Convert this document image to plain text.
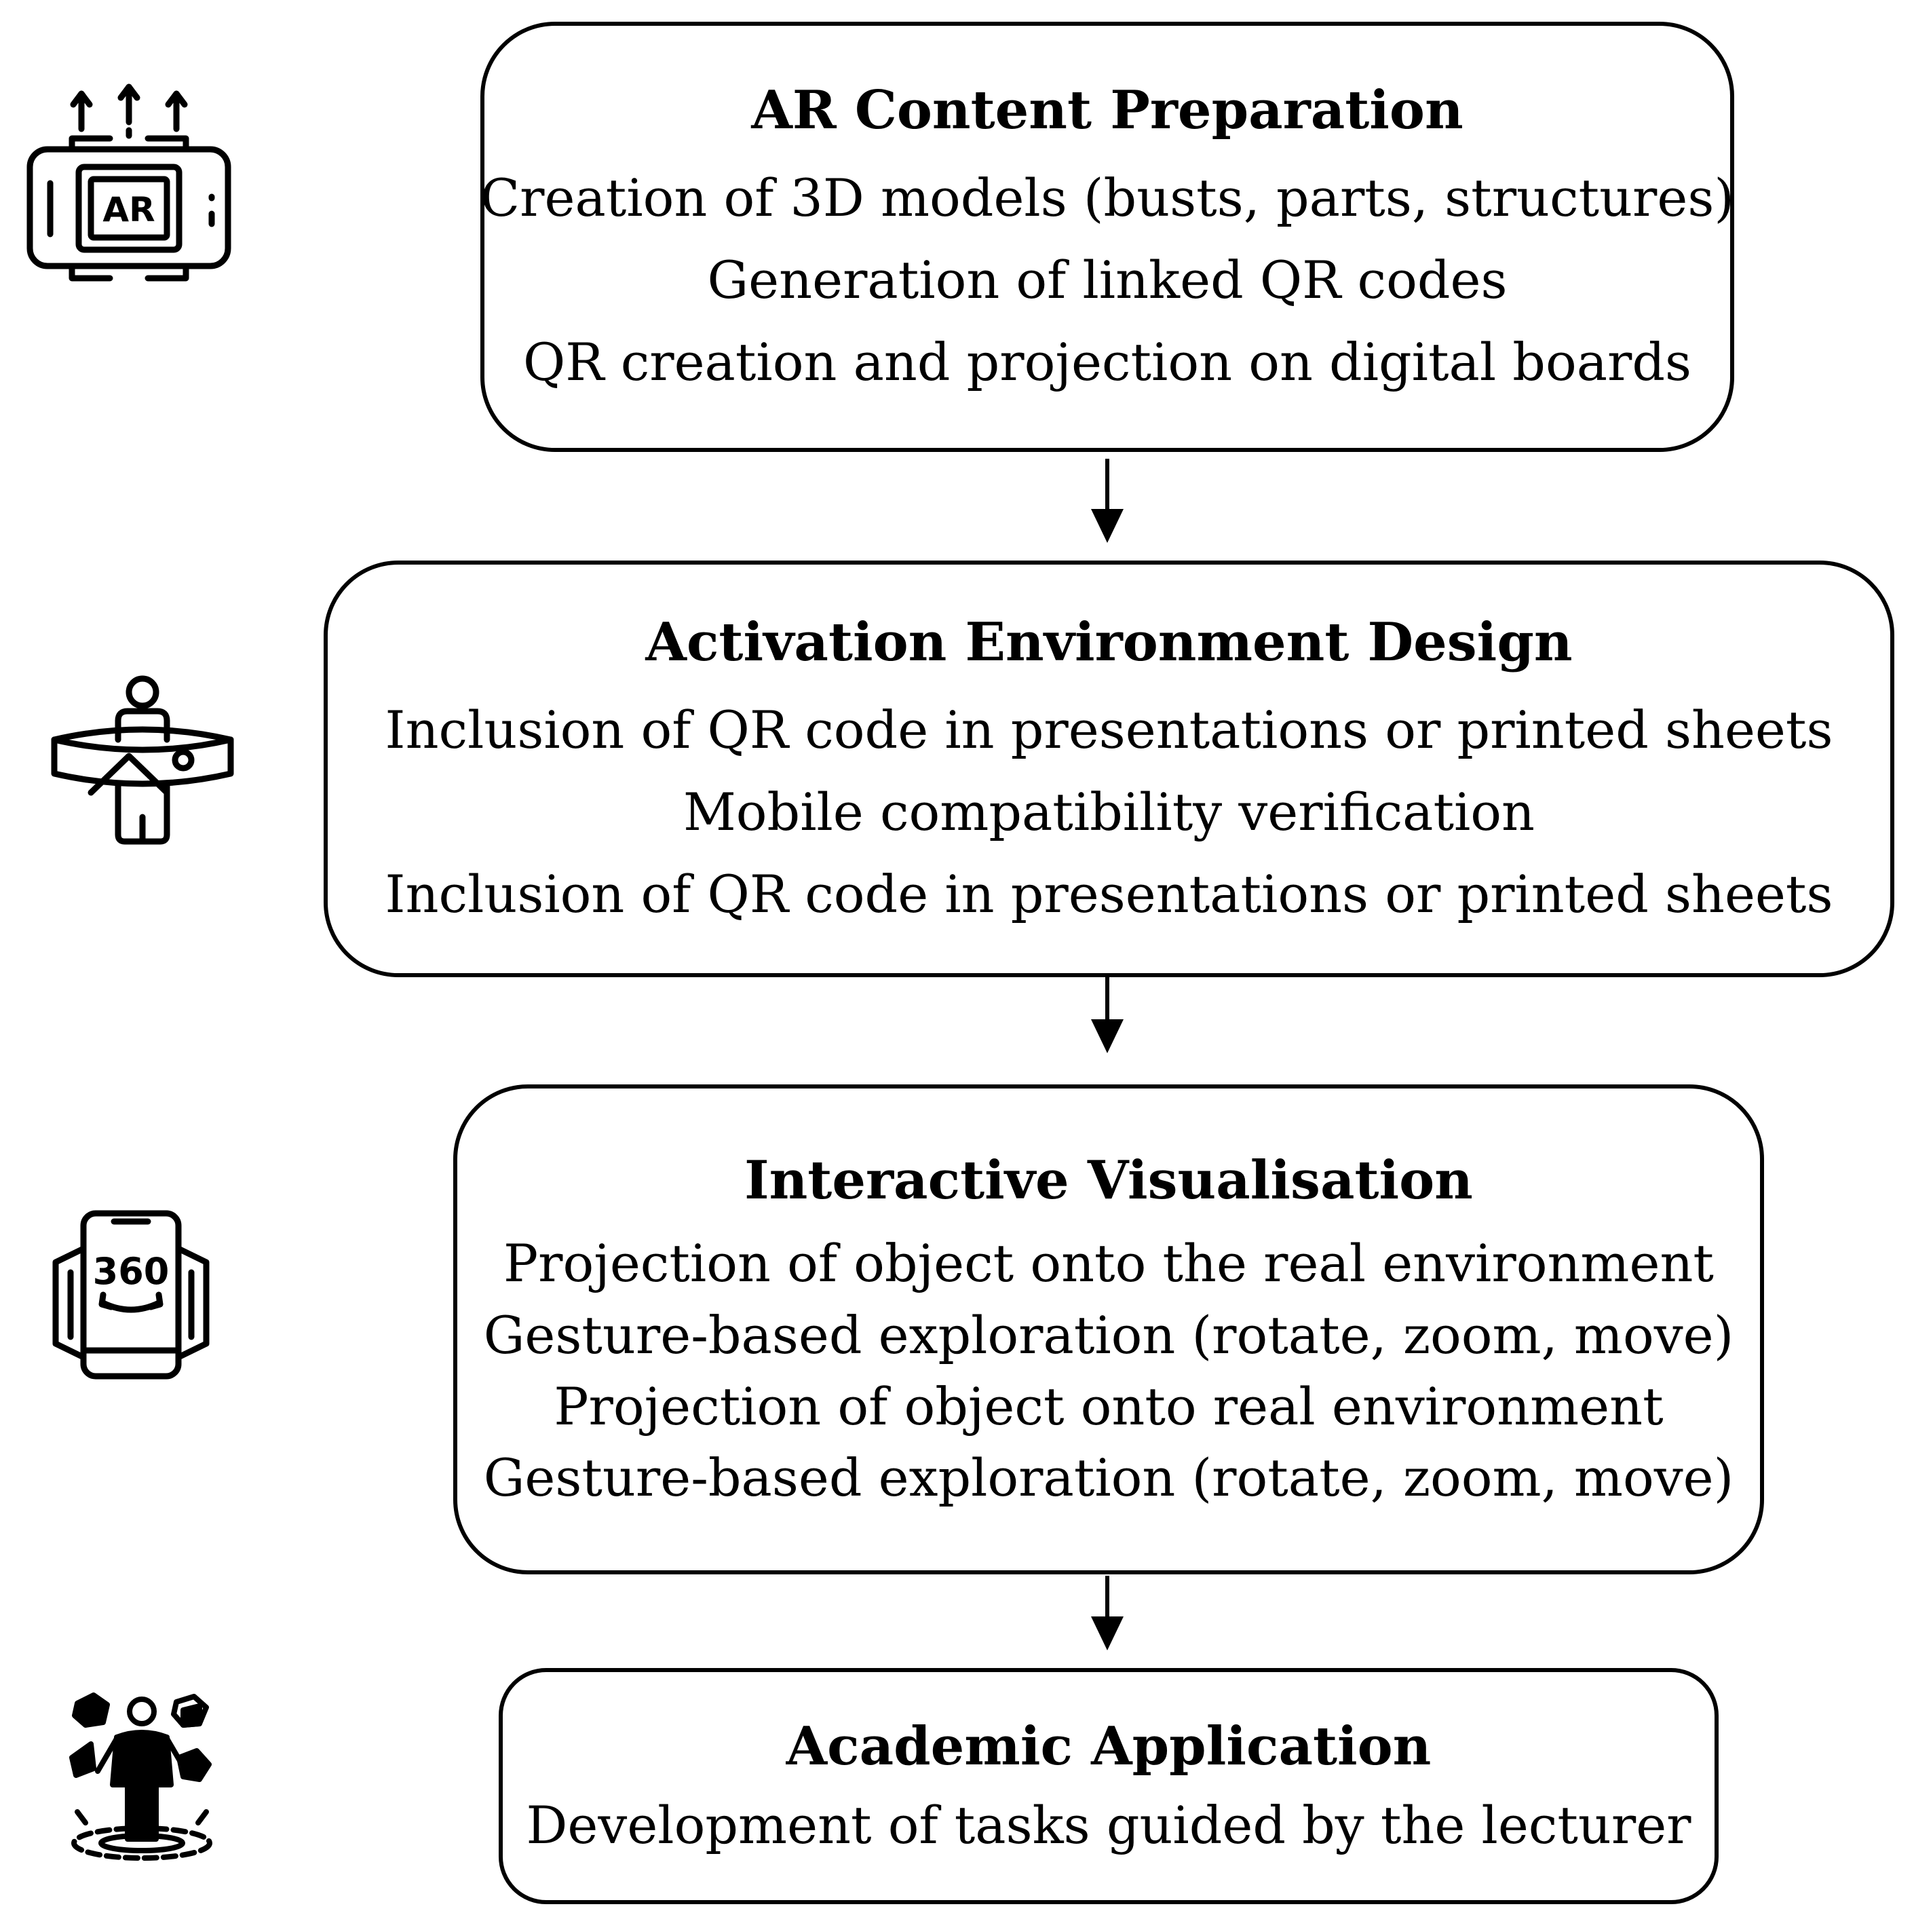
AR Content Preparation
Creation of 3D models (busts, parts, structures)
Generation of linked QR codes
QR creation and projection on digital boards
Activation Environment Design
Inclusion of QR code in presentations or printed sheets
Mobile compatibility verification
Inclusion of QR code in presentations or printed sheets
Interactive Visualisation
Projection of object onto the real environment
Gesture-based exploration (rotate, zoom, move)
Projection of object onto real environment
Gesture-based exploration (rotate, zoom, move)
Academic Application
Development of tasks guided by the lecturer
AR
360
